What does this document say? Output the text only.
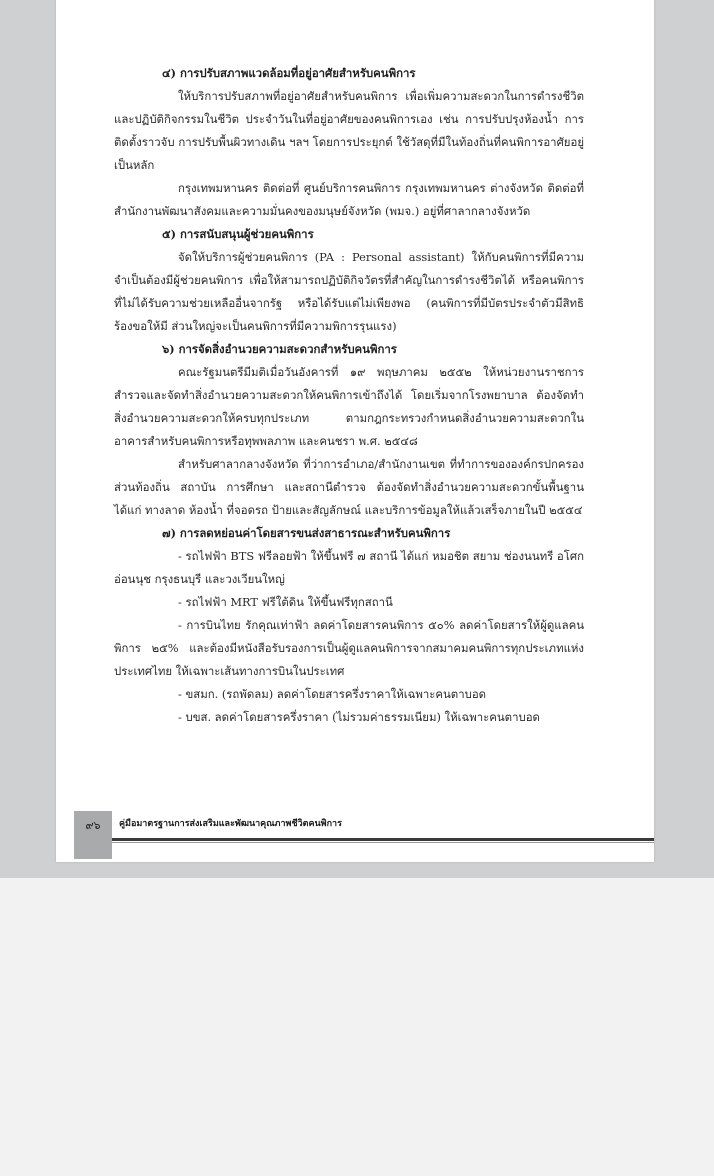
๔) การปรับสภาพแวดล้อมที่อยู่อาศัยสำหรับคนพิการ

ให้บริการปรับสภาพที่อยู่อาศัยสำหรับคนพิการ เพื่อเพิ่มความสะดวกในการดำรงชีวิตและปฏิบัติกิจกรรมในชีวิต ประจำวันในที่อยู่อาศัยของคนพิการเอง เช่น การปรับปรุงห้องน้ำ การติดตั้งราวจับ การปรับพื้นผิวทางเดิน ฯลฯ โดยการประยุกต์ ใช้วัสดุที่มีในท้องถิ่นที่คนพิการอาศัยอยู่เป็นหลัก

กรุงเทพมหานคร ติดต่อที่ ศูนย์บริการคนพิการ กรุงเทพมหานคร ต่างจังหวัด ติดต่อที่ สำนักงานพัฒนาสังคมและความมั่นคงของมนุษย์จังหวัด (พมจ.) อยู่ที่ศาลากลางจังหวัด

๕) การสนับสนุนผู้ช่วยคนพิการ

จัดให้บริการผู้ช่วยคนพิการ (PA : Personal assistant) ให้กับคนพิการที่มีความจำเป็นต้องมีผู้ช่วยคนพิการ เพื่อให้สามารถปฏิบัติกิจวัตรที่สำคัญในการดำรงชีวิตได้ หรือคนพิการที่ไม่ได้รับความช่วยเหลืออื่นจากรัฐ หรือได้รับแต่ไม่เพียงพอ (คนพิการที่มีบัตรประจำตัวมีสิทธิร้องขอให้มี ส่วนใหญ่จะเป็นคนพิการที่มีความพิการรุนแรง)

๖) การจัดสิ่งอำนวยความสะดวกสำหรับคนพิการ

คณะรัฐมนตรีมีมติเมื่อวันอังคารที่ ๑๙ พฤษภาคม ๒๕๕๒ ให้หน่วยงานราชการสำรวจและจัดทำสิ่งอำนวยความสะดวกให้คนพิการเข้าถึงได้ โดยเริ่มจากโรงพยาบาล ต้องจัดทำสิ่งอำนวยความสะดวกให้ครบทุกประเภท ตามกฎกระทรวงกำหนดสิ่งอำนวยความสะดวกในอาคารสำหรับคนพิการหรือทุพพลภาพ และคนชรา พ.ศ. ๒๕๔๘

สำหรับศาลากลางจังหวัด ที่ว่าการอำเภอ/สำนักงานเขต ที่ทำการขององค์กรปกครองส่วนท้องถิ่น สถาบัน การศึกษา และสถานีตำรวจ ต้องจัดทำสิ่งอำนวยความสะดวกขั้นพื้นฐาน ได้แก่ ทางลาด ห้องน้ำ ที่จอดรถ ป้ายและสัญลักษณ์ และบริการข้อมูลให้แล้วเสร็จภายในปี ๒๕๕๔

๗) การลดหย่อนค่าโดยสารขนส่งสาธารณะสำหรับคนพิการ

- รถไฟฟ้า BTS ฟรีลอยฟ้า ให้ขึ้นฟรี ๗ สถานี ได้แก่ หมอชิต สยาม ช่องนนทรี อโศก อ่อนนุช กรุงธนบุรี และวงเวียนใหญ่

- รถไฟฟ้า MRT ฟรีใต้ดิน ให้ขึ้นฟรีทุกสถานี

- การบินไทย รักคุณเท่าฟ้า ลดค่าโดยสารคนพิการ ๕๐% ลดค่าโดยสารให้ผู้ดูแลคนพิการ ๒๕% และต้องมีหนังสือรับรองการเป็นผู้ดูแลคนพิการจากสมาคมคนพิการทุกประเภทแห่งประเทศไทย ให้เฉพาะเส้นทางการบินในประเทศ

- ขสมก. (รถพัดลม) ลดค่าโดยสารครึ่งราคาให้เฉพาะคนตาบอด

- บขส. ลดค่าโดยสารครึ่งราคา (ไม่รวมค่าธรรมเนียม) ให้เฉพาะคนตาบอด

๙๖	คู่มือมาตรฐานการส่งเสริมและพัฒนาคุณภาพชีวิตคนพิการ
